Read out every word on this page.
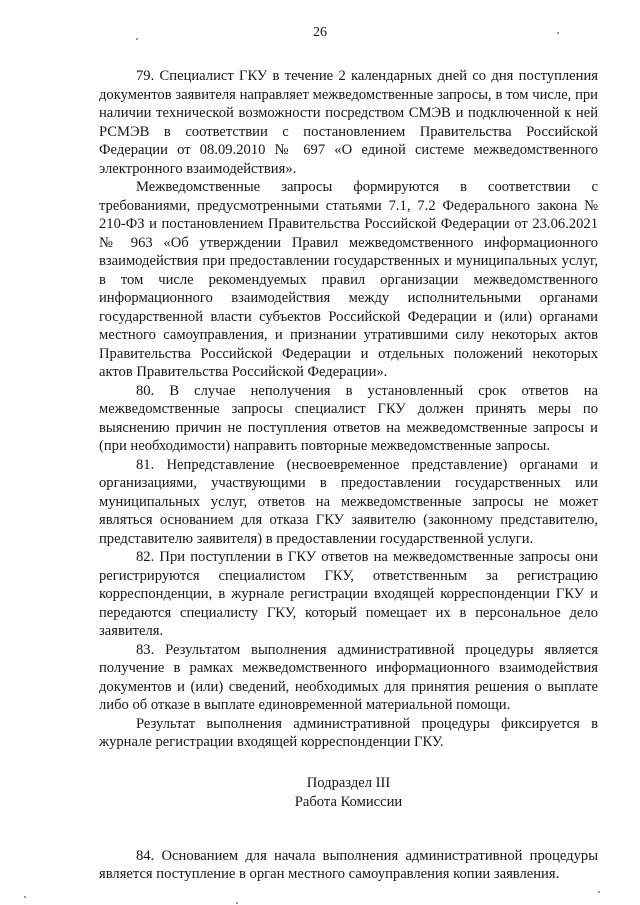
26

79. Специалист ГКУ в течение 2 календарных дней со дня поступления документов заявителя направляет межведомственные запросы, в том числе, при наличии технической возможности посредством СМЭВ и подключенной к ней РСМЭВ в соответствии с постановлением Правительства Российской Федерации от 08.09.2010 № 697 «О единой системе межведомственного электронного взаимодействия».

Межведомственные запросы формируются в соответствии с требованиями, предусмотренными статьями 7.1, 7.2 Федерального закона № 210-ФЗ и постановлением Правительства Российской Федерации от 23.06.2021 № 963 «Об утверждении Правил межведомственного информационного взаимодействия при предоставлении государственных и муниципальных услуг, в том числе рекомендуемых правил организации межведомственного информационного взаимодействия между исполнительными органами государственной власти субъектов Российской Федерации и (или) органами местного самоуправления, и признании утратившими силу некоторых актов Правительства Российской Федерации и отдельных положений некоторых актов Правительства Российской Федерации».

80. В случае неполучения в установленный срок ответов на межведомственные запросы специалист ГКУ должен принять меры по выяснению причин не поступления ответов на межведомственные запросы и (при необходимости) направить повторные межведомственные запросы.

81. Непредставление (несвоевременное представление) органами и организациями, участвующими в предоставлении государственных или муниципальных услуг, ответов на межведомственные запросы не может являться основанием для отказа ГКУ заявителю (законному представителю, представителю заявителя) в предоставлении государственной услуги.

82. При поступлении в ГКУ ответов на межведомственные запросы они регистрируются специалистом ГКУ, ответственным за регистрацию корреспонденции, в журнале регистрации входящей корреспонденции ГКУ и передаются специалисту ГКУ, который помещает их в персональное дело заявителя.

83. Результатом выполнения административной процедуры является получение в рамках межведомственного информационного взаимодействия документов и (или) сведений, необходимых для принятия решения о выплате либо об отказе в выплате единовременной материальной помощи.

Результат выполнения административной процедуры фиксируется в журнале регистрации входящей корреспонденции ГКУ.

Подраздел III
Работа Комиссии

84. Основанием для начала выполнения административной процедуры является поступление в орган местного самоуправления копии заявления.
